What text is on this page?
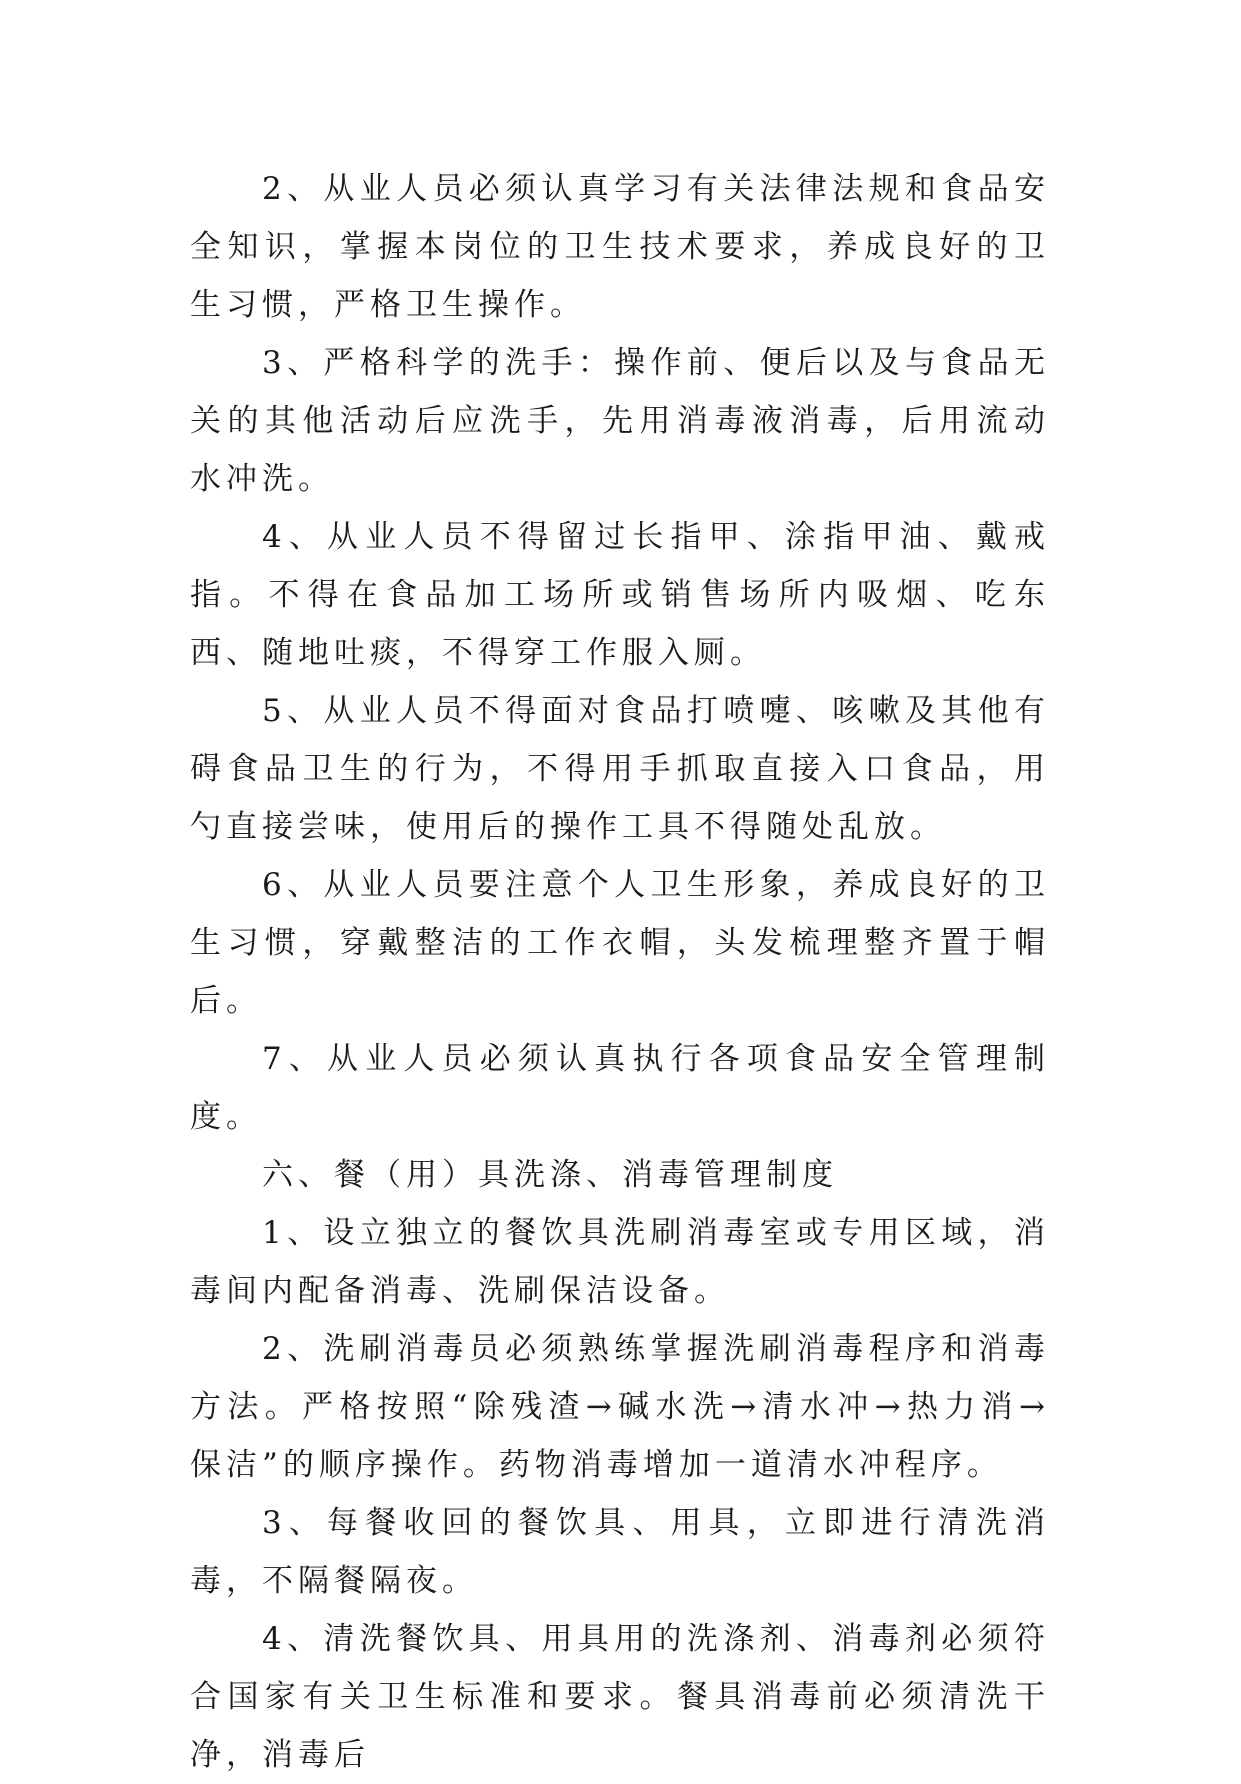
2、从业人员必须认真学习有关法律法规和食品安全知识，掌握本岗位的卫生技术要求，养成良好的卫生习惯，严格卫生操作。

3、严格科学的洗手：操作前、便后以及与食品无关的其他活动后应洗手，先用消毒液消毒，后用流动水冲洗。

4、从业人员不得留过长指甲、涂指甲油、戴戒指。不得在食品加工场所或销售场所内吸烟、吃东西、随地吐痰，不得穿工作服入厕。

5、从业人员不得面对食品打喷嚏、咳嗽及其他有碍食品卫生的行为，不得用手抓取直接入口食品，用勺直接尝味，使用后的操作工具不得随处乱放。

6、从业人员要注意个人卫生形象，养成良好的卫生习惯，穿戴整洁的工作衣帽，头发梳理整齐置于帽后。

7、从业人员必须认真执行各项食品安全管理制度。

六、餐（用）具洗涤、消毒管理制度

1、设立独立的餐饮具洗刷消毒室或专用区域，消毒间内配备消毒、洗刷保洁设备。

2、洗刷消毒员必须熟练掌握洗刷消毒程序和消毒方法。严格按照“除残渣→碱水洗→清水冲→热力消→保洁”的顺序操作。药物消毒增加一道清水冲程序。

3、每餐收回的餐饮具、用具，立即进行清洗消毒，不隔餐隔夜。

4、清洗餐饮具、用具用的洗涤剂、消毒剂必须符合国家有关卫生标准和要求。餐具消毒前必须清洗干净，消毒后
